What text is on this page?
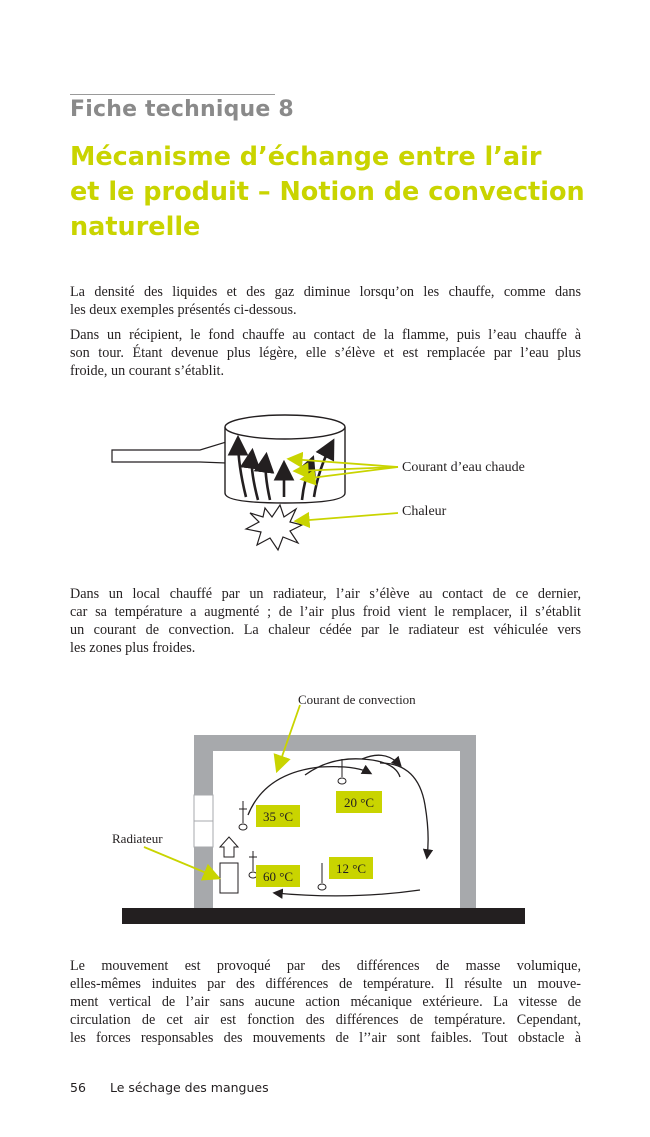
Fiche technique 8
Mécanisme d’échange entre l’air
et le produit – Notion de convection
naturelle
La densité des liquides et des gaz diminue lorsqu’on les chauffe, comme dans
les deux exemples présentés ci-dessous.
Dans un récipient, le fond chauffe au contact de la flamme, puis l’eau chauffe à
son tour. Étant devenue plus légère, elle s’élève et est remplacée par l’eau plus
froide, un courant s’établit.
Courant d’eau chaude
Chaleur
Dans un local chauffé par un radiateur, l’air s’élève au contact de ce dernier,
car sa température a augmenté ; de l’air plus froid vient le remplacer, il s’établit
un courant de convection. La chaleur cédée par le radiateur est véhiculée vers
les zones plus froides.
35 °C
20 °C
12 °C
60 °C
Courant de convection
Radiateur
Le mouvement est provoqué par des différences de masse volumique,
elles-mêmes induites par des différences de température. Il résulte un mouve-
ment vertical de l’air sans aucune action mécanique extérieure. La vitesse de
circulation de cet air est fonction des différences de température. Cependant,
les forces responsables des mouvements de l’’air sont faibles. Tout obstacle à
56 Le séchage des mangues
